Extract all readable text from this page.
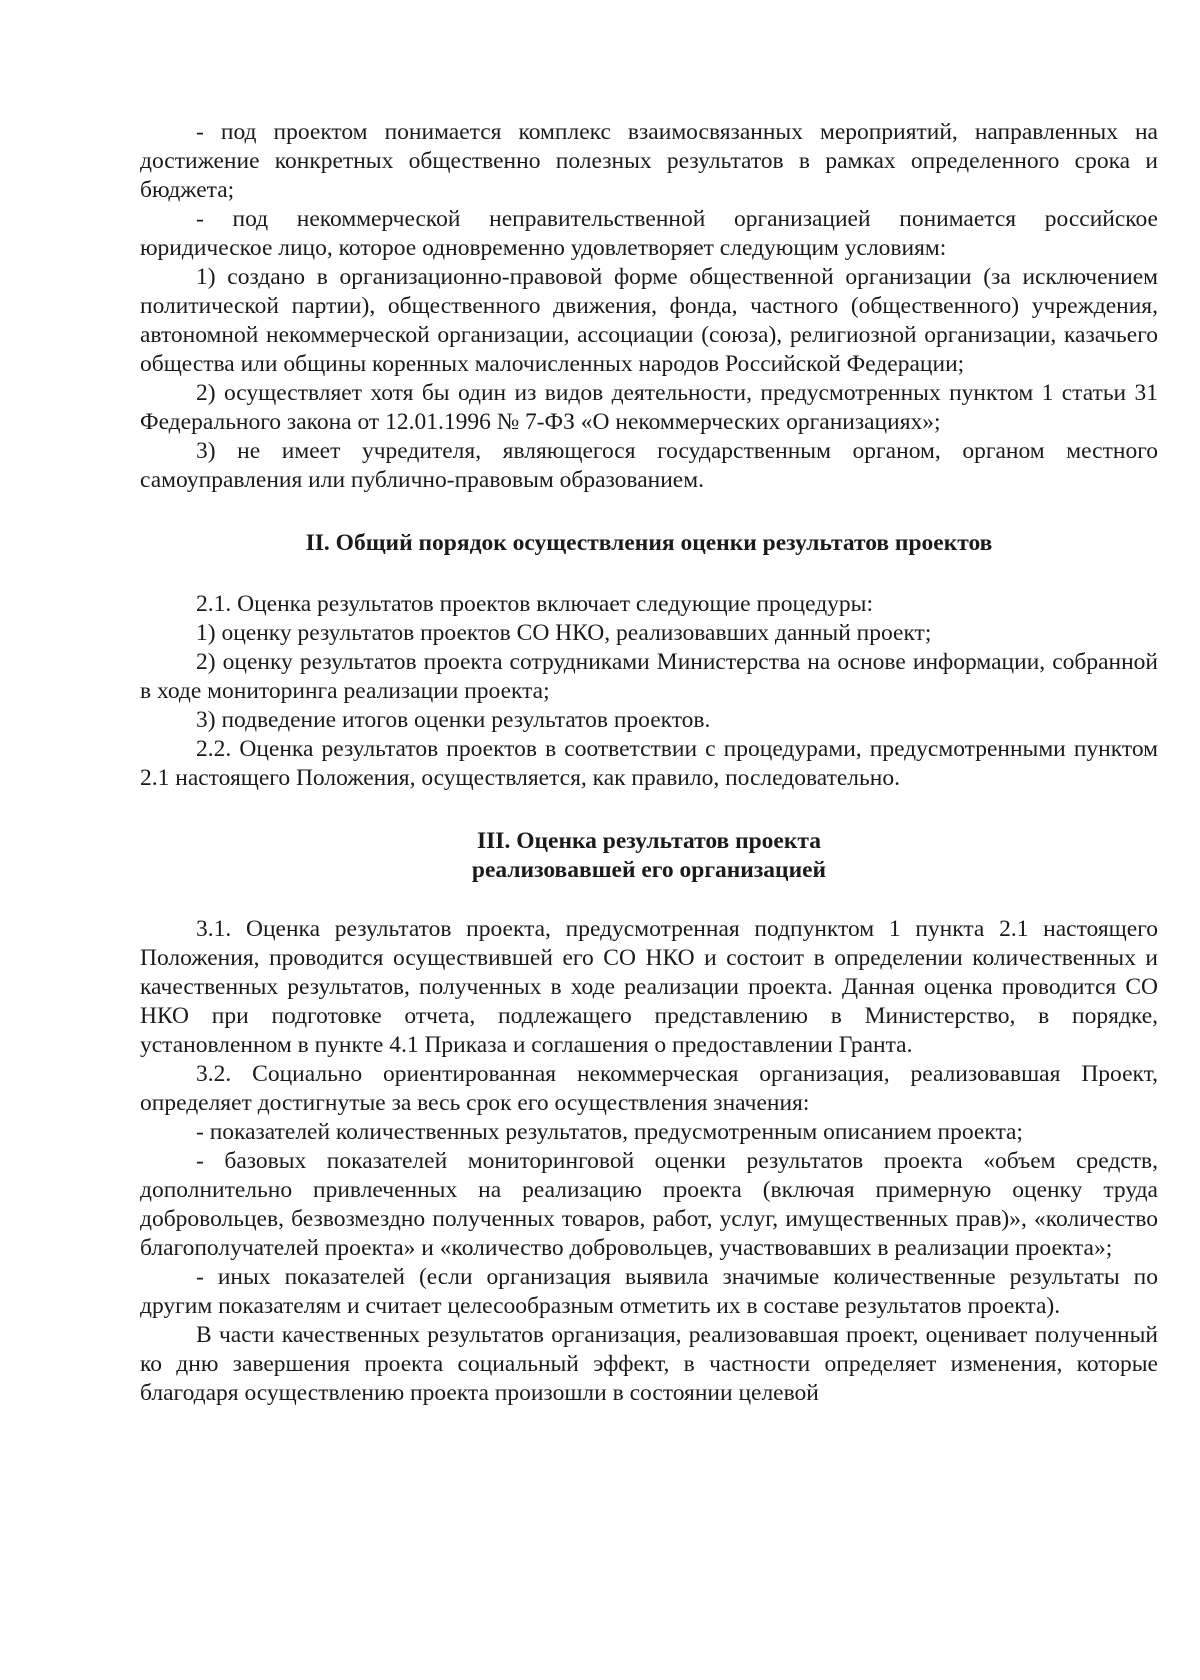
- под проектом понимается комплекс взаимосвязанных мероприятий, направленных на достижение конкретных общественно полезных результатов в рамках определенного срока и бюджета;

- под некоммерческой неправительственной организацией понимается российское юридическое лицо, которое одновременно удовлетворяет следующим условиям:

1) создано в организационно-правовой форме общественной организации (за исключением политической партии), общественного движения, фонда, частного (общественного) учреждения, автономной некоммерческой организации, ассоциации (союза), религиозной организации, казачьего общества или общины коренных малочисленных народов Российской Федерации;

2) осуществляет хотя бы один из видов деятельности, предусмотренных пунктом 1 статьи 31 Федерального закона от 12.01.1996 № 7-ФЗ «О некоммерческих организациях»;

3) не имеет учредителя, являющегося государственным органом, органом местного самоуправления или публично-правовым образованием.

II. Общий порядок осуществления оценки результатов проектов

2.1. Оценка результатов проектов включает следующие процедуры:

1) оценку результатов проектов СО НКО, реализовавших данный проект;

2) оценку результатов проекта сотрудниками Министерства на основе информации, собранной в ходе мониторинга реализации проекта;

3) подведение итогов оценки результатов проектов.

2.2. Оценка результатов проектов в соответствии с процедурами, предусмотренными пунктом 2.1 настоящего Положения, осуществляется, как правило, последовательно.

III. Оценка результатов проекта
реализовавшей его организацией

3.1. Оценка результатов проекта, предусмотренная подпунктом 1 пункта 2.1 настоящего Положения, проводится осуществившей его СО НКО и состоит в определении количественных и качественных результатов, полученных в ходе реализации проекта. Данная оценка проводится СО НКО при подготовке отчета, подлежащего представлению в Министерство, в порядке, установленном в пункте 4.1 Приказа и соглашения о предоставлении Гранта.

3.2. Социально ориентированная некоммерческая организация, реализовавшая Проект, определяет достигнутые за весь срок его осуществления значения:

- показателей количественных результатов, предусмотренным описанием проекта;

- базовых показателей мониторинговой оценки результатов проекта «объем средств, дополнительно привлеченных на реализацию проекта (включая примерную оценку труда добровольцев, безвозмездно полученных товаров, работ, услуг, имущественных прав)», «количество благополучателей проекта» и «количество добровольцев, участвовавших в реализации проекта»;

- иных показателей (если организация выявила значимые количественные результаты по другим показателям и считает целесообразным отметить их в составе результатов проекта).

В части качественных результатов организация, реализовавшая проект, оценивает полученный ко дню завершения проекта социальный эффект, в частности определяет изменения, которые благодаря осуществлению проекта произошли в состоянии целевой
